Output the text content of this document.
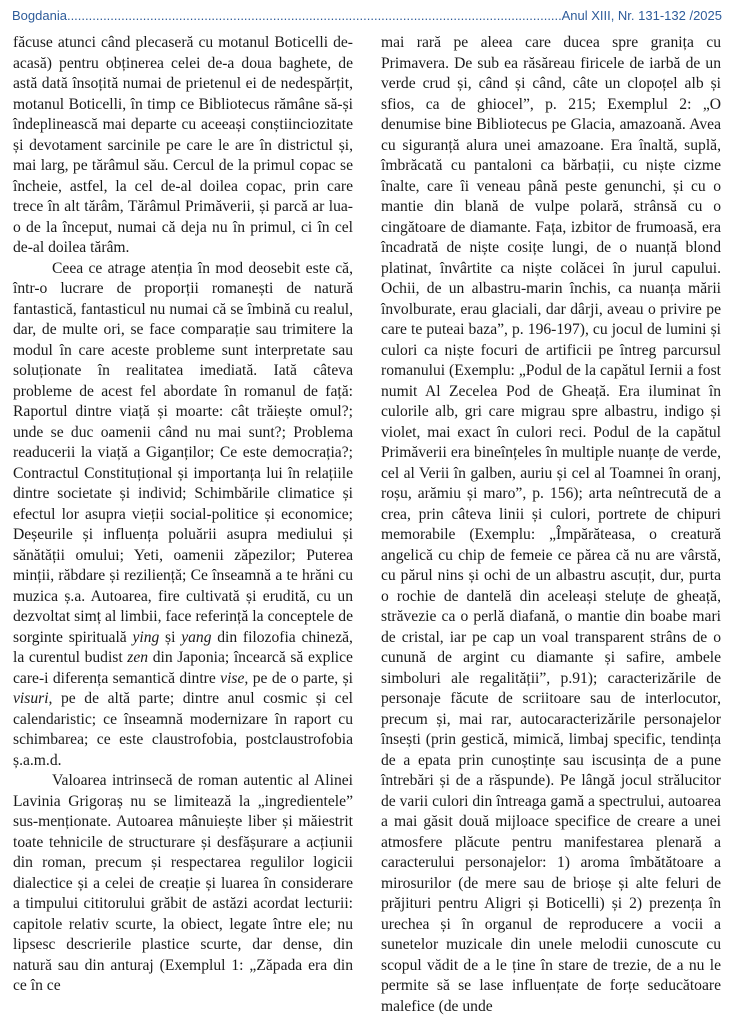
Bogdania
.....	Anul XIII, Nr. 131-132 /2025

făcuse atunci când plecaseră cu motanul Boticelli de-acasă) pentru obținerea celei de-a doua baghete, de astă dată însoțită numai de prietenul ei de nedespărțit, motanul Boticelli, în timp ce Bibliotecus rămâne să-și îndeplinească mai departe cu aceeași conștiinciozitate și devotament sarcinile pe care le are în districtul și, mai larg, pe tărâmul său. Cercul de la primul copac se încheie, astfel, la cel de-al doilea copac, prin care trece în alt tărâm, Tărâmul Primăverii, și parcă ar lua-o de la început, numai că deja nu în primul, ci în cel de-al doilea tărâm.

Ceea ce atrage atenția în mod deosebit este că, într-o lucrare de proporții romanești de natură fantastică, fantasticul nu numai că se îmbină cu realul, dar, de multe ori, se face comparație sau trimitere la modul în care aceste probleme sunt interpretate sau soluționate în realitatea imediată. Iată câteva probleme de acest fel abordate în romanul de față: Raportul dintre viață și moarte: cât trăiește omul?; unde se duc oamenii când nu mai sunt?; Problema readucerii la viață a Giganților; Ce este democrația?; Contractul Constituțional și importanța lui în relațiile dintre societate și individ; Schimbările climatice și efectul lor asupra vieții social-politice și economice; Deșeurile și influența poluării asupra mediului și sănătății omului; Yeti, oamenii zăpezilor; Puterea minții, răbdare și reziliență; Ce înseamnă a te hrăni cu muzica ș.a. Autoarea, fire cultivată și erudită, cu un dezvoltat simț al limbii, face referință la conceptele de sorginte spirituală ying și yang din filozofia chineză, la curentul budist zen din Japonia; încearcă să explice care-i diferența semantică dintre vise, pe de o parte, și visuri, pe de altă parte; dintre anul cosmic și cel calendaristic; ce înseamnă modernizare în raport cu schimbarea; ce este claustrofobia, postclaustrofobia ș.a.m.d.

Valoarea intrinsecă de roman autentic al Alinei Lavinia Grigoraș nu se limitează la „ingredientele” sus-menționate. Autoarea mânuiește liber și măiestrit toate tehnicile de structurare și desfășurare a acțiunii din roman, precum și respectarea regulilor logicii dialectice și a celei de creație și luarea în considerare a timpului cititorului grăbit de astăzi acordat lecturii: capitole relativ scurte, la obiect, legate între ele; nu lipsesc descrierile plastice scurte, dar dense, din natură sau din anturaj (Exemplul 1: „Zăpada era din ce în ce

mai rară pe aleea care ducea spre granița cu Primavera. De sub ea răsăreau firicele de iarbă de un verde crud și, când și când, câte un clopoțel alb și sfios, ca de ghiocel”, p. 215; Exemplul 2: „O denumise bine Bibliotecus pe Glacia, amazoană. Avea cu siguranță alura unei amazoane. Era înaltă, suplă, îmbrăcată cu pantaloni ca bărbații, cu niște cizme înalte, care îi veneau până peste genunchi, și cu o mantie din blană de vulpe polară, strânsă cu o cingătoare de diamante. Fața, izbitor de frumoasă, era încadrată de niște cosițe lungi, de o nuanță blond platinat, învârtite ca niște colăcei în jurul capului. Ochii, de un albastru-marin închis, ca nuanța mării învolburate, erau glaciali, dar dârji, aveau o privire pe care te puteai baza”, p. 196-197), cu jocul de lumini și culori ca niște focuri de artificii pe întreg parcursul romanului (Exemplu: „Podul de la capătul Iernii a fost numit Al Zecelea Pod de Gheață. Era iluminat în culorile alb, gri care migrau spre albastru, indigo și violet, mai exact în culori reci. Podul de la capătul Primăverii era bineînțeles în multiple nuanțe de verde, cel al Verii în galben, auriu și cel al Toamnei în oranj, roșu, arămiu și maro”, p. 156); arta neîntrecută de a crea, prin câteva linii și culori, portrete de chipuri memorabile (Exemplu: „Împărăteasa, o creatură angelică cu chip de femeie ce părea că nu are vârstă, cu părul nins și ochi de un albastru ascuțit, dur, purta o rochie de dantelă din aceleași steluțe de gheață, străvezie ca o perlă diafană, o mantie din boabe mari de cristal, iar pe cap un voal transparent strâns de o cunună de argint cu diamante și safire, ambele simboluri ale regalității”, p.91); caracterizările de personaje făcute de scriitoare sau de interlocutor, precum și, mai rar, autocaracterizările personajelor însești (prin gestică, mimică, limbaj specific, tendința de a epata prin cunoștințe sau iscusința de a pune întrebări și de a răspunde). Pe lângă jocul strălucitor de varii culori din întreaga gamă a spectrului, autoarea a mai găsit două mijloace specifice de creare a unei atmosfere plăcute pentru manifestarea plenară a caracterului personajelor: 1) aroma îmbătătoare a mirosurilor (de mere sau de brioșe și alte feluri de prăjituri pentru Aligri și Boticelli) și 2) prezența în urechea și în organul de reproducere a vocii a sunetelor muzicale din unele melodii cunoscute cu scopul vădit de a le ține în stare de trezie, de a nu le permite să se lase influențate de forțe seducătoare malefice (de unde
